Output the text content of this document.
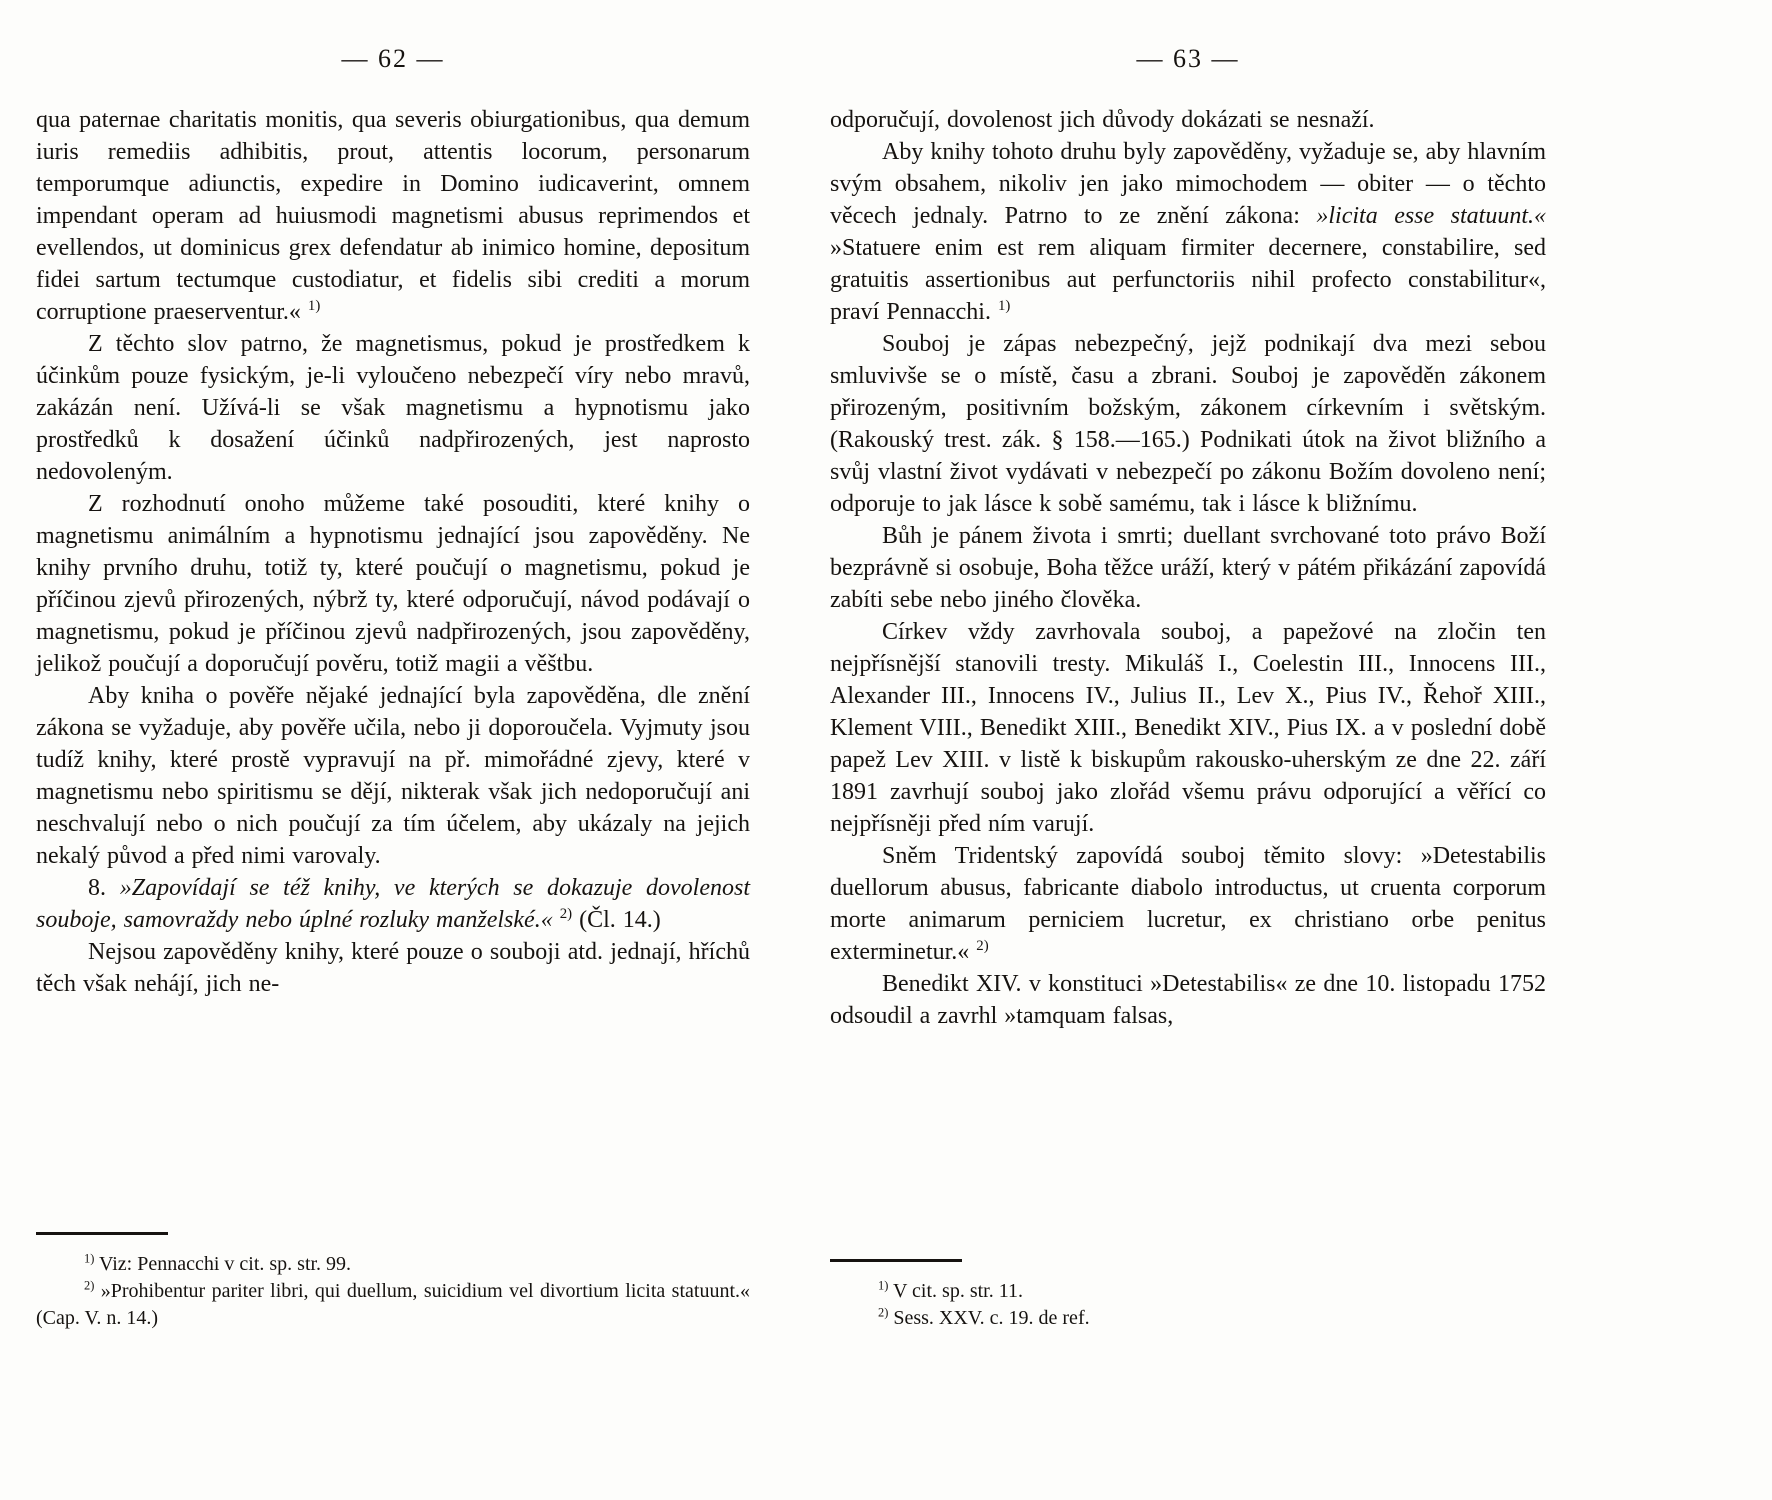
— 62 —

qua paternae charitatis monitis, qua severis obiurgationibus, qua demum iuris remediis adhibitis, prout, attentis locorum, personarum temporumque adiunctis, expedire in Domino iudicaverint, omnem impendant operam ad huiusmodi magnetismi abusus reprimendos et evellendos, ut dominicus grex defendatur ab inimico homine, depositum fidei sartum tectumque custodiatur, et fidelis sibi crediti a morum corruptione praeserventur.« $^{1)}$

Z těchto slov patrno, že magnetismus, pokud je prostředkem k účinkům pouze fysickým, je-li vyloučeno nebezpečí víry nebo mravů, zakázán není. Užívá-li se však magnetismu a hypnotismu jako prostředků k dosažení účinků nadpřirozených, jest naprosto nedovoleným.

Z rozhodnutí onoho můžeme také posouditi, které knihy o magnetismu animálním a hypnotismu jednající jsou zapověděny. Ne knihy prvního druhu, totiž ty, které poučují o magnetismu, pokud je příčinou zjevů přirozených, nýbrž ty, které odporučují, návod podávají o magnetismu, pokud je příčinou zjevů nadpřirozených, jsou zapověděny, jelikož poučují a doporučují pověru, totiž magii a věštbu.

Aby kniha o pověře nějaké jednající byla zapověděna, dle znění zákona se vyžaduje, aby pověře učila, nebo ji doporoučela. Vyjmuty jsou tudíž knihy, které prostě vypravují na př. mimořádné zjevy, které v magnetismu nebo spiritismu se dějí, nikterak však jich nedoporučují ani neschvalují nebo o nich poučují za tím účelem, aby ukázaly na jejich nekalý původ a před nimi varovaly.

8. »Zapovídají se též knihy, ve kterých se dokazuje dovolenost souboje, samovraždy nebo úplné rozluky manželské.« $^{2)}$ (Čl. 14.)

Nejsou zapověděny knihy, které pouze o souboji atd. jednají, hříchů těch však nehájí, jich ne-

$^{1)}$ Viz: Pennacchi v cit. sp. str. 99.

$^{2)}$ »Prohibentur pariter libri, qui duellum, suicidium vel divortium licita statuunt.« (Cap. V. n. 14.)

— 63 —

odporučují, dovolenost jich důvody dokázati se nesnaží.

Aby knihy tohoto druhu byly zapověděny, vyžaduje se, aby hlavním svým obsahem, nikoliv jen jako mimochodem — obiter — o těchto věcech jednaly. Patrno to ze znění zákona: »licita esse statuunt.« »Statuere enim est rem aliquam firmiter decernere, constabilire, sed gratuitis assertionibus aut perfunctoriis nihil profecto constabilitur«, praví Pennacchi. $^{1)}$

Souboj je zápas nebezpečný, jejž podnikají dva mezi sebou smluvivše se o místě, času a zbrani. Souboj je zapověděn zákonem přirozeným, positivním božským, zákonem církevním i světským. (Rakouský trest. zák. § 158.—165.) Podnikati útok na život bližního a svůj vlastní život vydávati v nebezpečí po zákonu Božím dovoleno není; odporuje to jak lásce k sobě samému, tak i lásce k bližnímu.

Bůh je pánem života i smrti; duellant svrchované toto právo Boží bezprávně si osobuje, Boha těžce uráží, který v pátém přikázání zapovídá zabíti sebe nebo jiného člověka.

Církev vždy zavrhovala souboj, a papežové na zločin ten nejpřísnější stanovili tresty. Mikuláš I., Coelestin III., Innocens III., Alexander III., Innocens IV., Julius II., Lev X., Pius IV., Řehoř XIII., Klement VIII., Benedikt XIII., Benedikt XIV., Pius IX. a v poslední době papež Lev XIII. v listě k biskupům rakousko-uherským ze dne 22. září 1891 zavrhují souboj jako zlořád všemu právu odporující a věřící co nejpřísněji před ním varují.

Sněm Tridentský zapovídá souboj těmito slovy: »Detestabilis duellorum abusus, fabricante diabolo introductus, ut cruenta corporum morte animarum perniciem lucretur, ex christiano orbe penitus exterminetur.« $^{2)}$

Benedikt XIV. v konstituci »Detestabilis« ze dne 10. listopadu 1752 odsoudil a zavrhl »tamquam falsas,

$^{1)}$ V cit. sp. str. 11.

$^{2)}$ Sess. XXV. c. 19. de ref.
